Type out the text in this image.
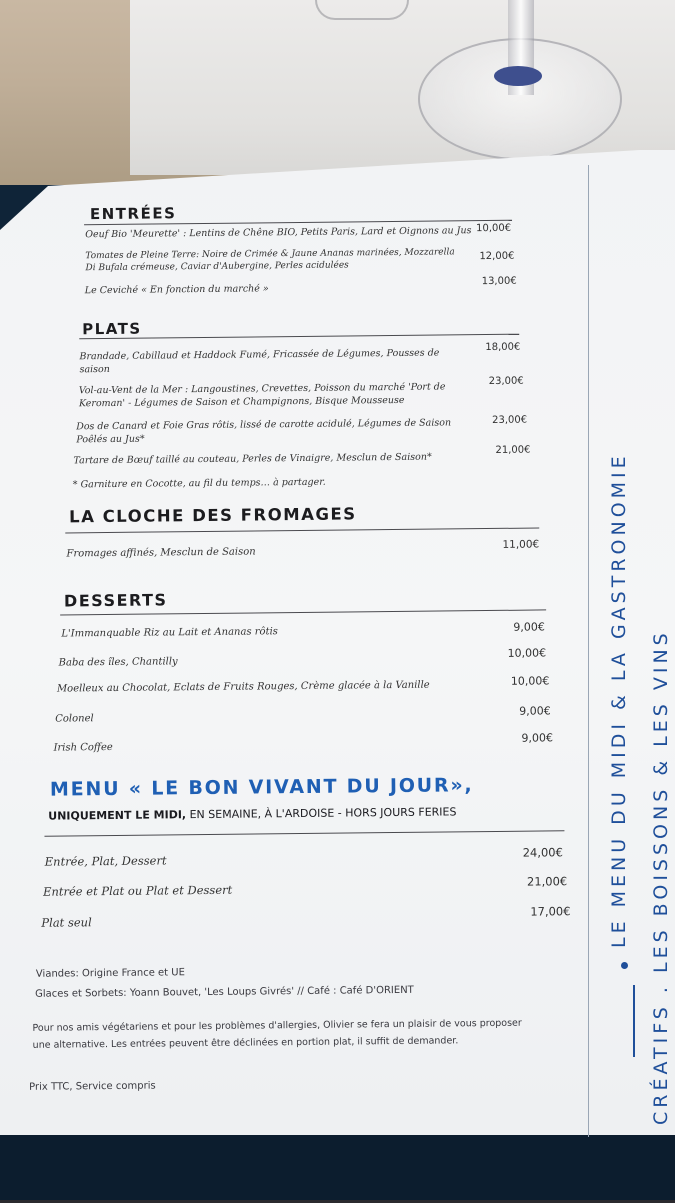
ENTRÉES
Oeuf Bio 'Meurette' : Lentins de Chêne BIO, Petits Paris, Lard et Oignons au Jus 10,00€
Tomates de Pleine Terre: Noire de Crimée & Jaune Ananas marinées, Mozzarella
Di Bufala crémeuse, Caviar d'Aubergine, Perles acidulées
12,00€
Le Ceviché « En fonction du marché »
13,00€
PLATS
Brandade, Cabillaud et Haddock Fumé, Fricassée de Légumes, Pousses de
saison
18,00€
Vol-au-Vent de la Mer : Langoustines, Crevettes, Poisson du marché 'Port de
Keroman' - Légumes de Saison et Champignons, Bisque Mousseuse
23,00€
Dos de Canard et Foie Gras rôtis, lissé de carotte acidulé, Légumes de Saison
Poêlés au Jus*
23,00€
Tartare de Bœuf taillé au couteau, Perles de Vinaigre, Mesclun de Saison*
21,00€
* Garniture en Cocotte, au fil du temps… à partager.
LA CLOCHE DES FROMAGES
Fromages affinés, Mesclun de Saison
11,00€
DESSERTS
L'Immanquable Riz au Lait et Ananas rôtis	9,00€
Baba des îles, Chantilly
10,00€
Moelleux au Chocolat, Eclats de Fruits Rouges, Crème glacée à la Vanille	10,00€
Colonel
9,00€
Irish Coffee
9,00€
MENU « LE BON VIVANT DU JOUR»,
UNIQUEMENT LE MIDI, EN SEMAINE, À L'ARDOISE - HORS JOURS FERIES
Entrée, Plat, Dessert
24,00€
Entrée et Plat ou Plat et Dessert
21,00€
Plat seul
17,00€
Viandes: Origine France et UE
Glaces et Sorbets: Yoann Bouvet, 'Les Loups Givrés' // Café : Café D'ORIENT
Pour nos amis végétariens et pour les problèmes d'allergies, Olivier se fera un plaisir de vous proposer
une alternative. Les entrées peuvent être déclinées en portion plat, il suffit de demander.
Prix TTC, Service compris
LE MENU DU MIDI & LA GASTRONOMIE CRÉATIFS . LES BOISSONS & LES VINS
